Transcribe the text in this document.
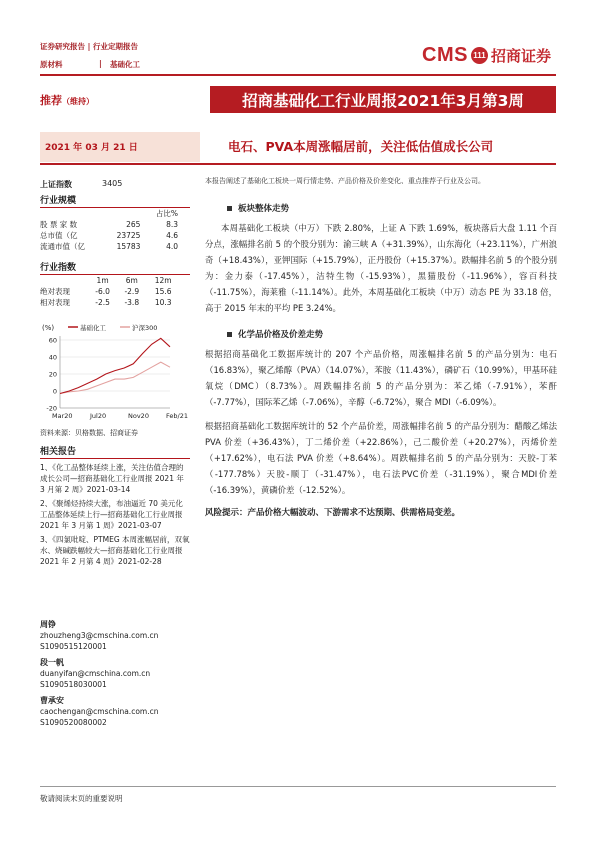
证券研究报告 | 行业定期报告
原材料	| 基础化工	CMS 111 招商证券
推荐（维持）	招商基础化工行业周报2021年3月第3周
2021 年 03 月 21 日	电石、PVA本周涨幅居前，关注低估值成长公司
上证指数	3405
行业规模
		占比%
股 票 家 数	265	8.3
总市值（亿	23725	4.6
流通市值（亿	15783	4.0
行业指数
	1m	6m	12m
绝对表现	-6.0	-2.9	15.6
相对表现	-2.5	-3.8	10.3
(%)	基础化工	沪深300
60
40
20
0
-20
Mar20	Jul20	Nov20	Feb/21
资料来源：贝格数据、招商证券
相关报告
1、《化工品整体延续上涨，关注估值合理的成长公司—招商基础化工行业周报 2021 年 3 月第 2 周》2021-03-14
2、《聚烯烃持续大涨，布油逼近 70 美元化工品整体延续上行—招商基础化工行业周报 2021 年 3 月第 1 周》2021-03-07
3、《四氯吡啶、PTMEG 本周涨幅居前，双氧水、烧碱跌幅较大—招商基础化工行业周报 2021 年 2 月第 4 周》2021-02-28
周铮
zhouzheng3@cmschina.com.cn
S1090515120001
段一帆
duanyifan@cmschina.com.cn
S1090518030001
曹承安
caochengan@cmschina.com.cn
S1090520080002
本报告阐述了基础化工板块一周行情走势、产品价格及价差变化、重点推荐子行业及公司。
板块整体走势
本周基础化工板块（中万）下跌 2.80%，上证 A 下跌 1.69%，板块落后大盘 1.11 个百分点，涨幅排名前 5 的个股分别为：渝三峡 A（+31.39%），山东海化（+23.11%），广州浪奇（+18.43%），亚钾国际（+15.79%），正丹股份（+15.37%）。跌幅排名前 5 的个股分别为：金力泰（-17.45%），洁特生物（-15.93%），黑猫股份（-11.96%），容百科技（-11.75%），海莱雅（-11.14%）。此外，本周基础化工板块（中万）动态 PE 为 33.18 倍，高于 2015 年末的平均 PE 3.24%。
化学品价格及价差走势
根据招商基础化工数据库统计的 207 个产品价格，周涨幅排名前 5 的产品分别为：电石（16.83%），聚乙烯醇（PVA）（14.07%），苯胺（11.43%），磷矿石（10.99%），甲基环硅氧烷（DMC）（8.73%）。周跌幅排名前 5 的产品分别为：苯乙烯（-7.91%），苯酐（-7.77%），国际苯乙烯（-7.06%），辛醇（-6.72%），聚合 MDI（-6.09%）。
根据招商基础化工数据库统计的 52 个产品价差，周涨幅排名前 5 的产品分别为：醋酸乙烯法 PVA 价差（+36.43%），丁二烯价差（+22.86%），己二酸价差（+20.27%），丙烯价差（+17.62%），电石法 PVA 价差（+8.64%）。周跌幅排名前 5 的产品分别为：天胶-丁苯（-177.78%）天胶-顺丁（-31.47%），电石法PVC价差（-31.19%），聚合MDI价差（-16.39%），黄磷价差（-12.52%）。
风险提示：产品价格大幅波动、下游需求不达预期、供需格局变差。
敬请阅读末页的重要说明
